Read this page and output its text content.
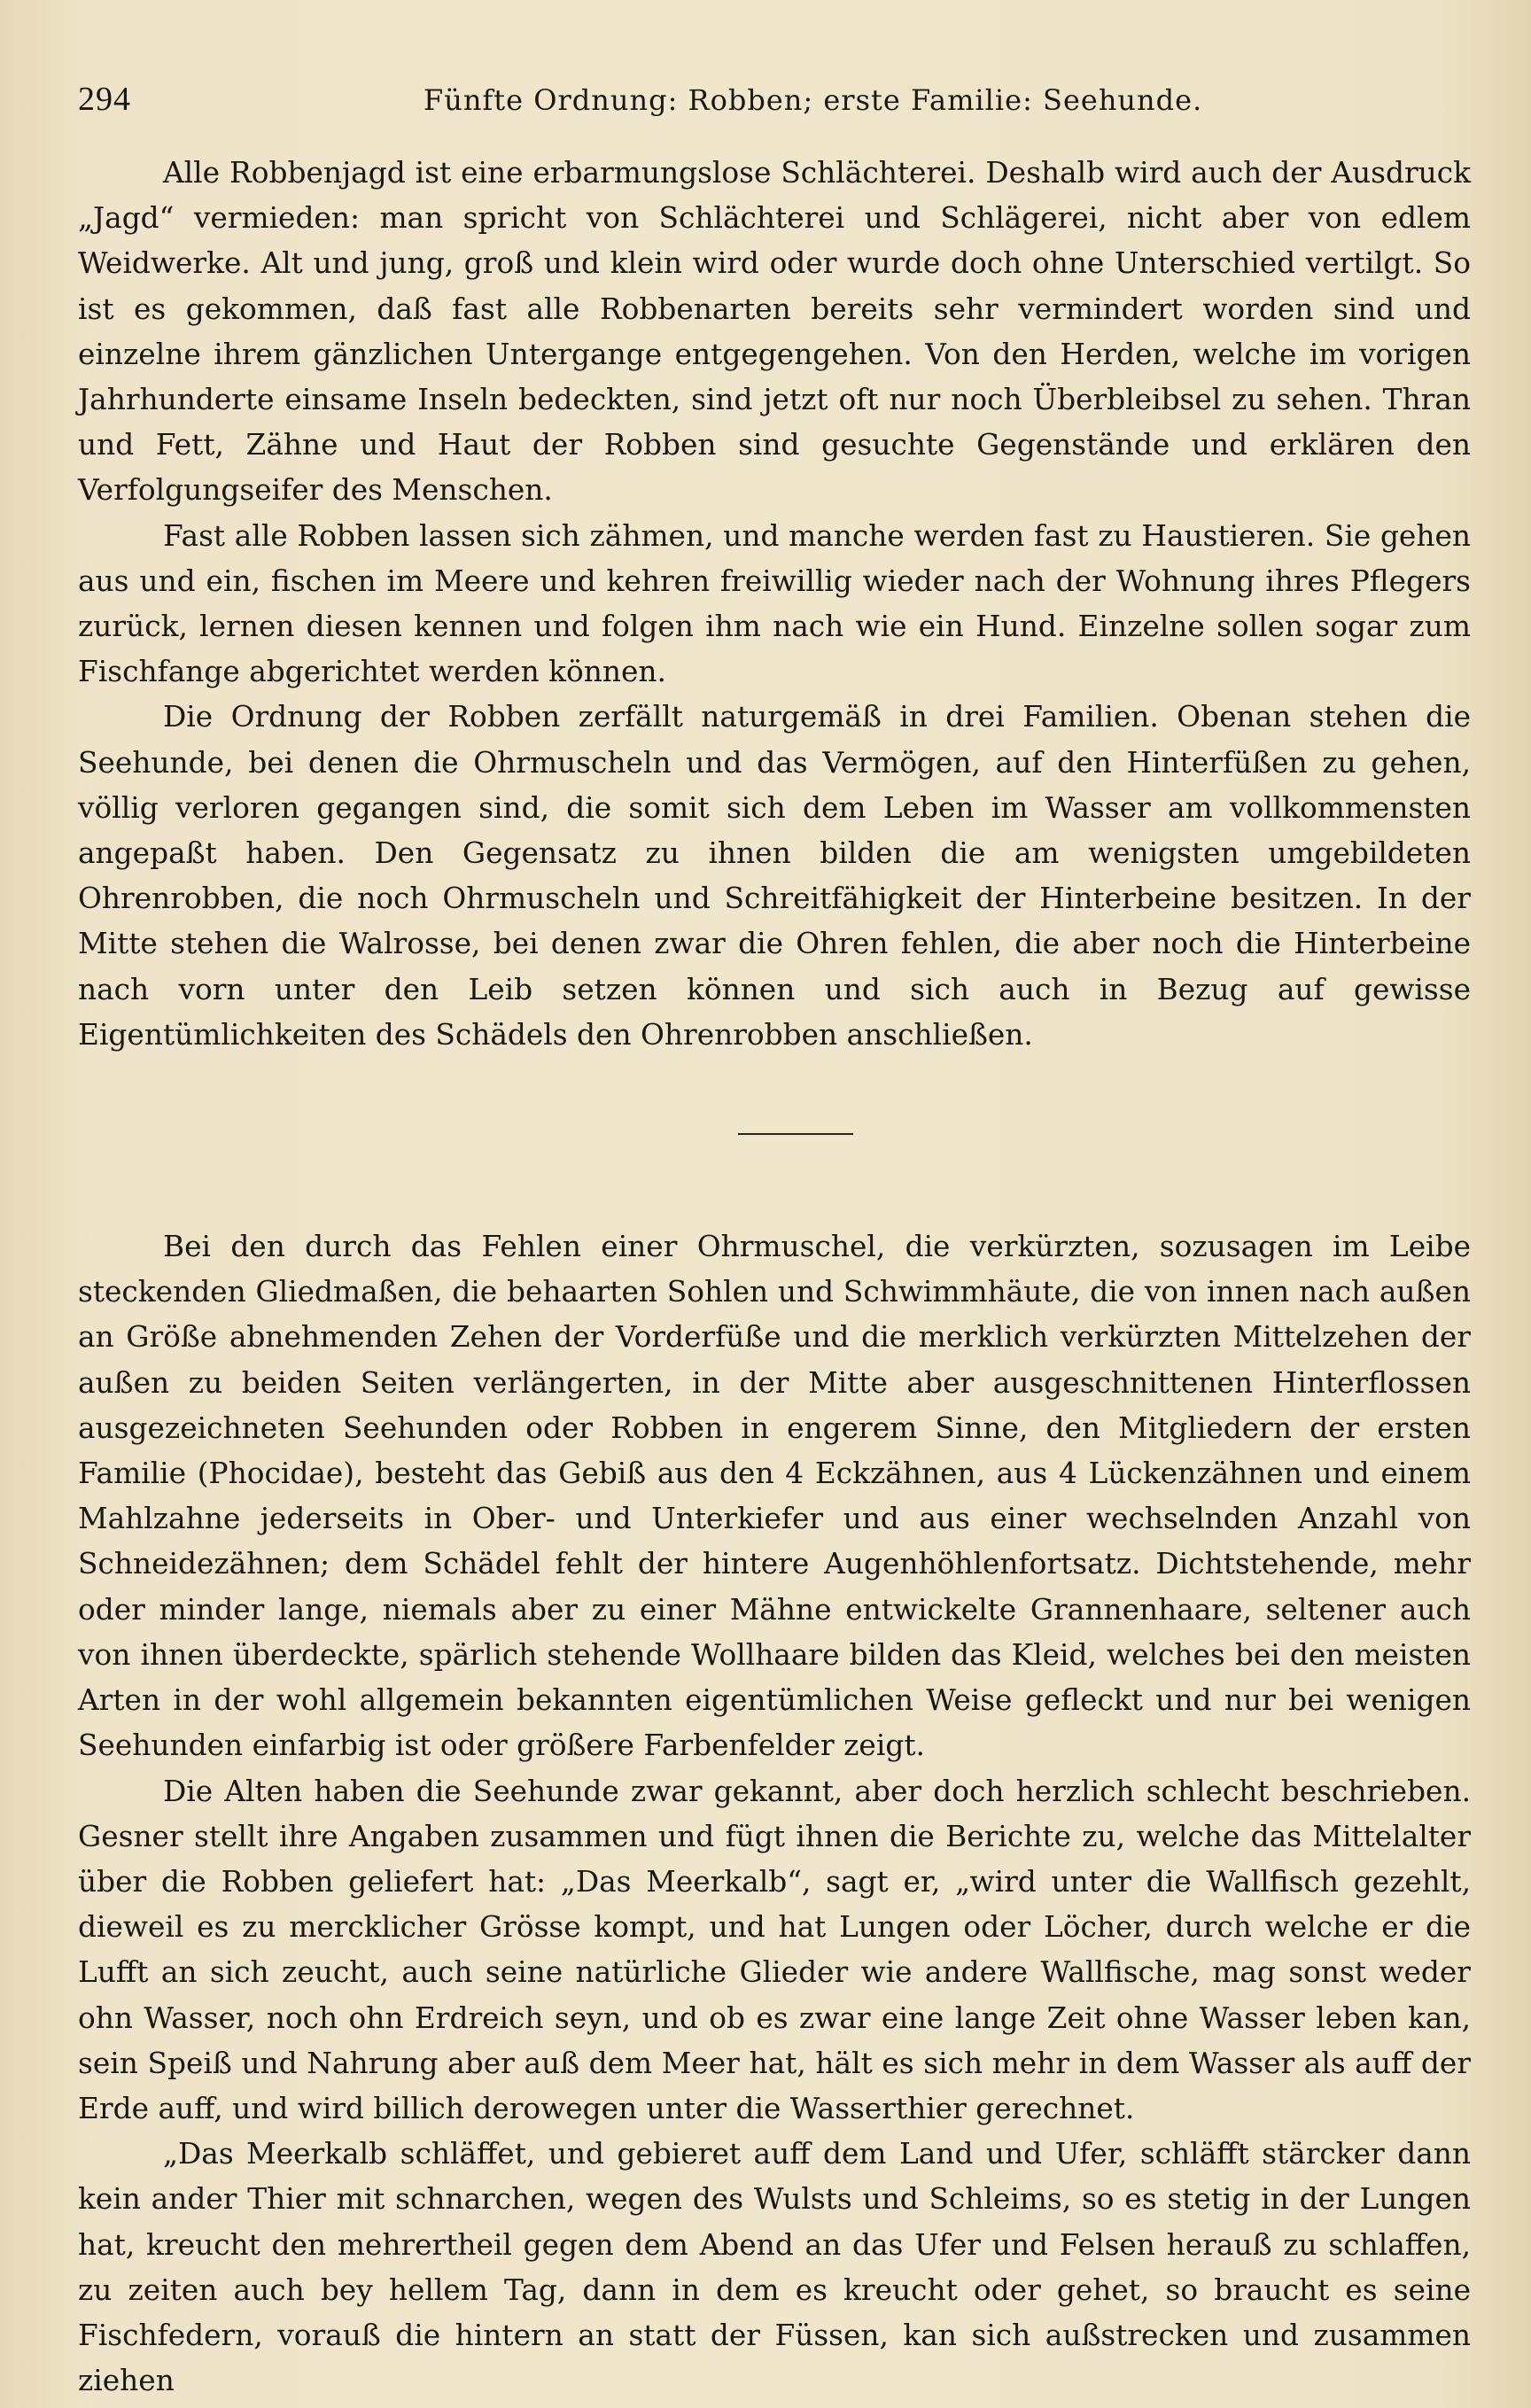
294	Fünfte Ordnung: Robben; erste Familie: Seehunde.

Alle Robbenjagd ist eine erbarmungslose Schlächterei. Deshalb wird auch der Ausdruck „Jagd“ vermieden: man spricht von Schlächterei und Schlägerei, nicht aber von edlem Weidwerke. Alt und jung, groß und klein wird oder wurde doch ohne Unterschied vertilgt. So ist es gekommen, daß fast alle Robbenarten bereits sehr vermindert worden sind und einzelne ihrem gänzlichen Untergange entgegengehen. Von den Herden, welche im vorigen Jahrhunderte einsame Inseln bedeckten, sind jetzt oft nur noch Überbleibsel zu sehen. Thran und Fett, Zähne und Haut der Robben sind gesuchte Gegenstände und erklären den Verfolgungseifer des Menschen.

Fast alle Robben lassen sich zähmen, und manche werden fast zu Haustieren. Sie gehen aus und ein, fischen im Meere und kehren freiwillig wieder nach der Wohnung ihres Pflegers zurück, lernen diesen kennen und folgen ihm nach wie ein Hund. Einzelne sollen sogar zum Fischfange abgerichtet werden können.

Die Ordnung der Robben zerfällt naturgemäß in drei Familien. Obenan stehen die Seehunde, bei denen die Ohrmuscheln und das Vermögen, auf den Hinterfüßen zu gehen, völlig verloren gegangen sind, die somit sich dem Leben im Wasser am vollkommensten angepaßt haben. Den Gegensatz zu ihnen bilden die am wenigsten umgebildeten Ohrenrobben, die noch Ohrmuscheln und Schreitfähigkeit der Hinterbeine besitzen. In der Mitte stehen die Walrosse, bei denen zwar die Ohren fehlen, die aber noch die Hinterbeine nach vorn unter den Leib setzen können und sich auch in Bezug auf gewisse Eigentümlichkeiten des Schädels den Ohrenrobben anschließen.

Bei den durch das Fehlen einer Ohrmuschel, die verkürzten, sozusagen im Leibe steckenden Gliedmaßen, die behaarten Sohlen und Schwimmhäute, die von innen nach außen an Größe abnehmenden Zehen der Vorderfüße und die merklich verkürzten Mittelzehen der außen zu beiden Seiten verlängerten, in der Mitte aber ausgeschnittenen Hinterflossen ausgezeichneten Seehunden oder Robben in engerem Sinne, den Mitgliedern der ersten Familie (Phocidae), besteht das Gebiß aus den 4 Eckzähnen, aus 4 Lückenzähnen und einem Mahlzahne jederseits in Ober- und Unterkiefer und aus einer wechselnden Anzahl von Schneidezähnen; dem Schädel fehlt der hintere Augenhöhlenfortsatz. Dichtstehende, mehr oder minder lange, niemals aber zu einer Mähne entwickelte Grannenhaare, seltener auch von ihnen überdeckte, spärlich stehende Wollhaare bilden das Kleid, welches bei den meisten Arten in der wohl allgemein bekannten eigentümlichen Weise gefleckt und nur bei wenigen Seehunden einfarbig ist oder größere Farbenfelder zeigt.

Die Alten haben die Seehunde zwar gekannt, aber doch herzlich schlecht beschrieben. Gesner stellt ihre Angaben zusammen und fügt ihnen die Berichte zu, welche das Mittelalter über die Robben geliefert hat: „Das Meerkalb“, sagt er, „wird unter die Wallfisch gezehlt, dieweil es zu mercklicher Grösse kompt, und hat Lungen oder Löcher, durch welche er die Lufft an sich zeucht, auch seine natürliche Glieder wie andere Wallfische, mag sonst weder ohn Wasser, noch ohn Erdreich seyn, und ob es zwar eine lange Zeit ohne Wasser leben kan, sein Speiß und Nahrung aber auß dem Meer hat, hält es sich mehr in dem Wasser als auff der Erde auff, und wird billich derowegen unter die Wasserthier gerechnet.

„Das Meerkalb schläffet, und gebieret auff dem Land und Ufer, schläfft stärcker dann kein ander Thier mit schnarchen, wegen des Wulsts und Schleims, so es stetig in der Lungen hat, kreucht den mehrertheil gegen dem Abend an das Ufer und Felsen herauß zu schlaffen, zu zeiten auch bey hellem Tag, dann in dem es kreucht oder gehet, so braucht es seine Fischfedern, vorauß die hintern an statt der Füssen, kan sich außstrecken und zusammen ziehen
